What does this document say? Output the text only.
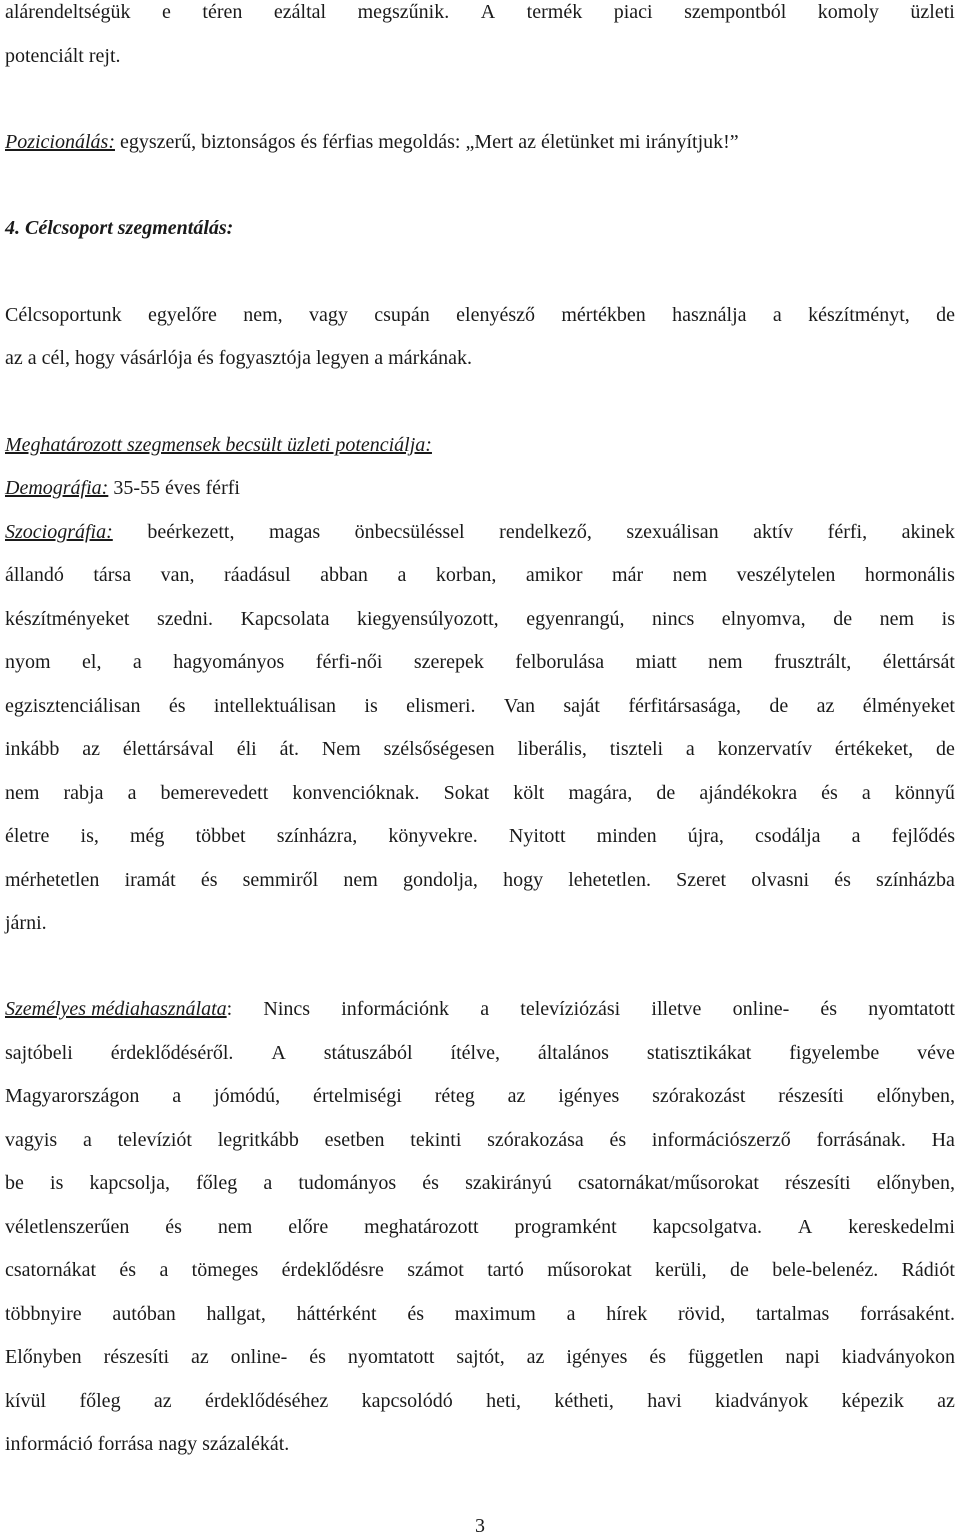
alárendeltségük e téren ezáltal megszűnik. A termék piaci szempontból komoly üzleti
potenciált rejt.
Pozicionálás: egyszerű, biztonságos és férfias megoldás: „Mert az életünket mi irányítjuk!”
4. Célcsoport szegmentálás:
Célcsoportunk egyelőre nem, vagy csupán elenyésző mértékben használja a készítményt, de
az a cél, hogy vásárlója és fogyasztója legyen a márkának.
Meghatározott szegmensek becsült üzleti potenciálja:
Demográfia: 35-55 éves férfi
Szociográfia: beérkezett, magas önbecsüléssel rendelkező, szexuálisan aktív férfi, akinek
állandó társa van, ráadásul abban a korban, amikor már nem veszélytelen hormonális
készítményeket szedni. Kapcsolata kiegyensúlyozott, egyenrangú, nincs elnyomva, de nem is
nyom el, a hagyományos férfi-női szerepek felborulása miatt nem frusztrált, élettársát
egzisztenciálisan és intellektuálisan is elismeri. Van saját férfitársasága, de az élményeket
inkább az élettársával éli át. Nem szélsőségesen liberális, tiszteli a konzervatív értékeket, de
nem rabja a bemerevedett konvencióknak. Sokat költ magára, de ajándékokra és a könnyű
életre is, még többet színházra, könyvekre. Nyitott minden újra, csodálja a fejlődés
mérhetetlen iramát és semmiről nem gondolja, hogy lehetetlen. Szeret olvasni és színházba
járni.
Személyes médiahasználata: Nincs információnk a televíziózási illetve online- és nyomtatott
sajtóbeli érdeklődéséről. A státuszából ítélve, általános statisztikákat figyelembe véve
Magyarországon a jómódú, értelmiségi réteg az igényes szórakozást részesíti előnyben,
vagyis a televíziót legritkább esetben tekinti szórakozása és információszerző forrásának. Ha
be is kapcsolja, főleg a tudományos és szakirányú csatornákat/műsorokat részesíti előnyben,
véletlenszerűen és nem előre meghatározott programként kapcsolgatva. A kereskedelmi
csatornákat és a tömeges érdeklődésre számot tartó műsorokat kerüli, de bele-belenéz. Rádiót
többnyire autóban hallgat, háttérként és maximum a hírek rövid, tartalmas forrásaként.
Előnyben részesíti az online- és nyomtatott sajtót, az igényes és független napi kiadványokon
kívül főleg az érdeklődéséhez kapcsolódó heti, kétheti, havi kiadványok képezik az
információ forrása nagy százalékát.
3
